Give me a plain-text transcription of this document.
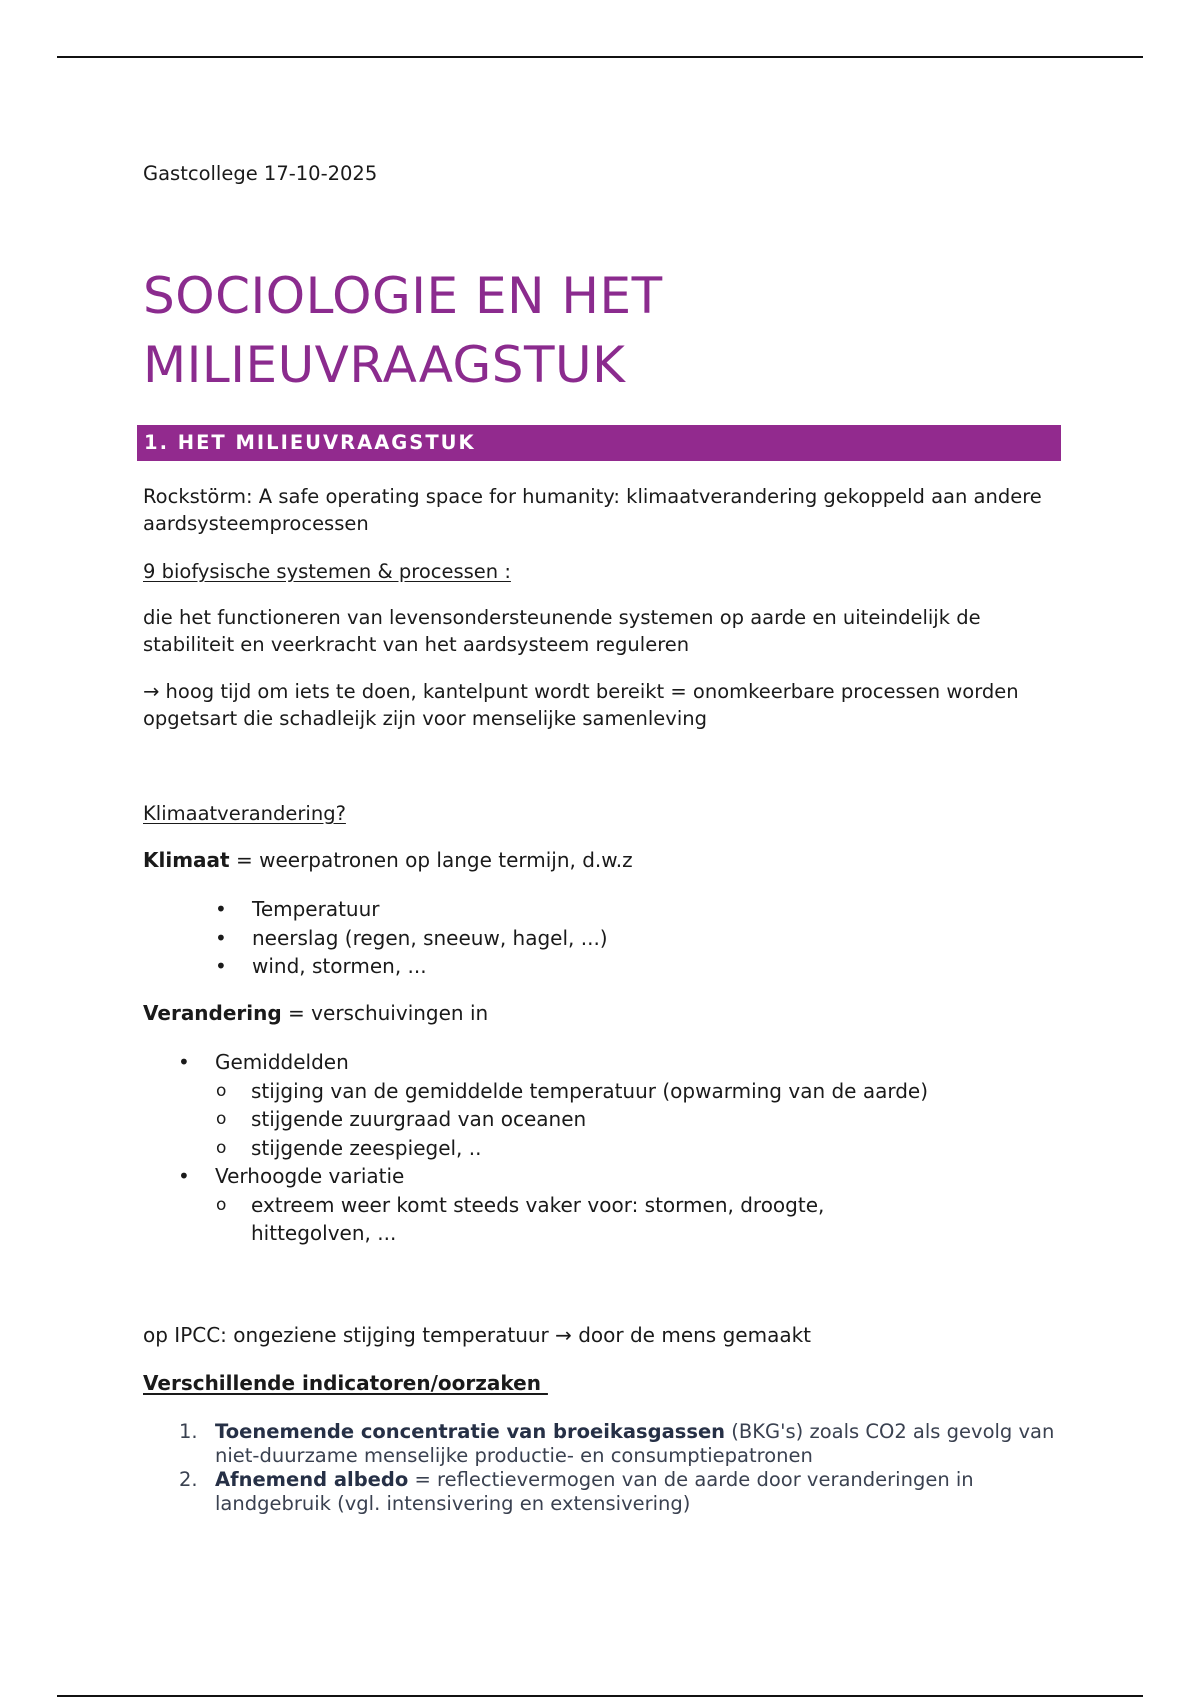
Gastcollege 17-10-2025
SOCIOLOGIE EN HET
MILIEUVRAAGSTUK
1. HET MILIEUVRAAGSTUK

Rockstörm: A safe operating space for humanity: klimaatverandering gekoppeld aan andere aardsysteemprocessen

9 biofysische systemen & processen :

die het functioneren van levensondersteunende systemen op aarde en uiteindelijk de stabiliteit en veerkracht van het aardsysteem reguleren

→ hoog tijd om iets te doen, kantelpunt wordt bereikt = onomkeerbare processen worden opgetsart die schadleijk zijn voor menselijke samenleving

Klimaatverandering?

Klimaat = weerpatronen op lange termijn, d.w.z

• Temperatuur
• neerslag (regen, sneeuw, hagel, ...)
• wind, stormen, ...

Verandering = verschuivingen in

• Gemiddelden
o stijging van de gemiddelde temperatuur (opwarming van de aarde)
o stijgende zuurgraad van oceanen
o stijgende zeespiegel, ..
• Verhoogde variatie
o extreem weer komt steeds vaker voor: stormen, droogte, hittegolven, ...

op IPCC: ongeziene stijging temperatuur → door de mens gemaakt

Verschillende indicatoren/oorzaken

1. Toenemende concentratie van broeikasgassen (BKG's) zoals CO2 als gevolg van niet-duurzame menselijke productie- en consumptiepatronen
2. Afnemend albedo = reflectievermogen van de aarde door veranderingen in landgebruik (vgl. intensivering en extensivering)
